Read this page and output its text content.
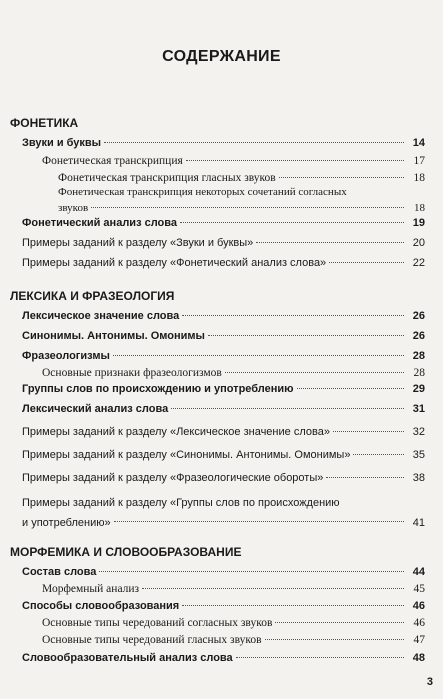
СОДЕРЖАНИЕ
ФОНЕТИКА
Звуки и буквы	14
Фонетическая транскрипция	17
Фонетическая транскрипция гласных звуков	18
Фонетическая транскрипция некоторых сочетаний согласных
звуков	18
Фонетический анализ слова	19
Примеры заданий к разделу «Звуки и буквы»	20
Примеры заданий к разделу «Фонетический анализ слова»	22
ЛЕКСИКА И ФРАЗЕОЛОГИЯ
Лексическое значение слова	26
Синонимы. Антонимы. Омонимы	26
Фразеологизмы	28
Основные признаки фразеологизмов	28
Группы слов по происхождению и употреблению	29
Лексический анализ слова	31
Примеры заданий к разделу «Лексическое значение слова»	32
Примеры заданий к разделу «Синонимы. Антонимы. Омонимы»	35
Примеры заданий к разделу «Фразеологические обороты»	38
Примеры заданий к разделу «Группы слов по происхождению
и употреблению»	41
МОРФЕМИКА И СЛОВООБРАЗОВАНИЕ
Состав слова	44
Морфемный анализ	45
Способы словообразования	46
Основные типы чередований согласных звуков	46
Основные типы чередований гласных звуков	47
Словообразовательный анализ слова	48
3
